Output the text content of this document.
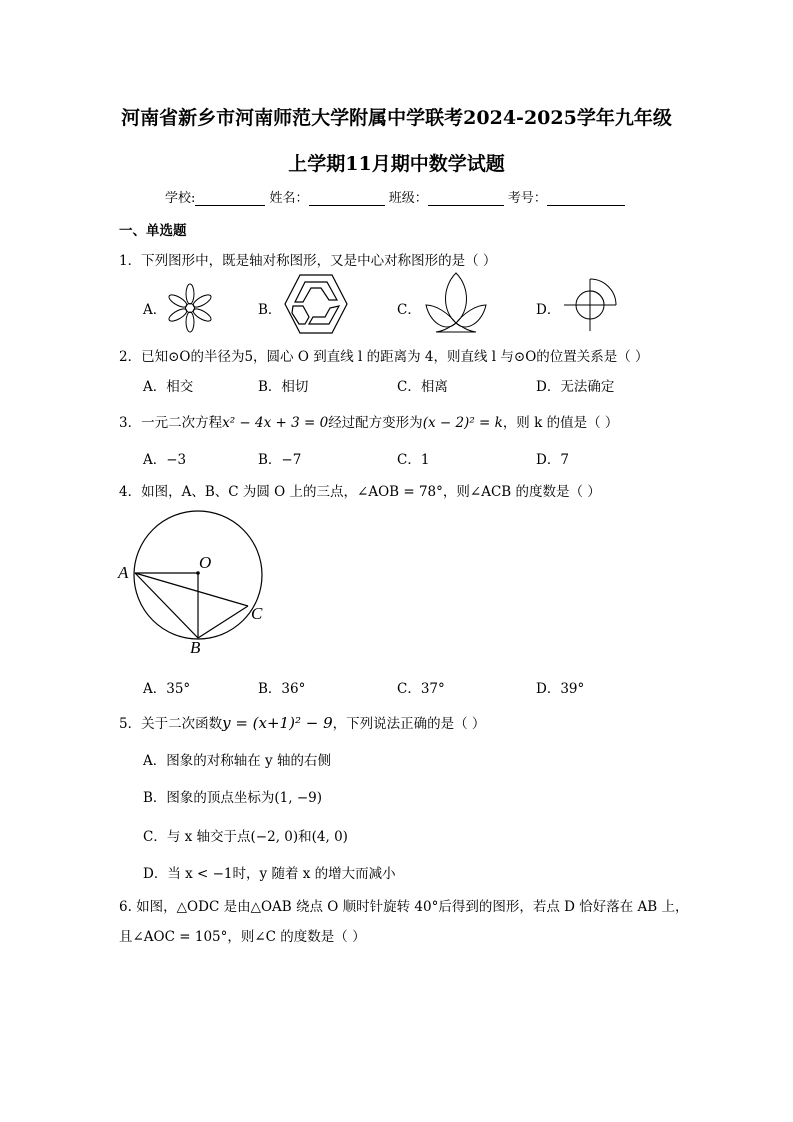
河南省新乡市河南师范大学附属中学联考2024-2025学年九年级
上学期11月期中数学试题
学校:	姓名：	班级：	考号：
一、单选题
1．下列图形中，既是轴对称图形，又是中心对称图形的是（ ）
A．	B．	C．	D．
2．已知⊙O的半径为5，圆心 O 到直线 l 的距离为 4，则直线 l 与⊙O的位置关系是（ ）
A．相交	B．相切	C．相离	D．无法确定
3．一元二次方程x² − 4x + 3 = 0经过配方变形为(x − 2)² = k，则 k 的值是（ ）
A．−3	B．−7	C．1	D．7
4．如图，A、B、C 为圆 O 上的三点，∠AOB = 78°，则∠ACB 的度数是（ ）
A
O
C
B
A．35°	B．36°	C．37°	D．39°
5．关于二次函数y = (x+1)² − 9，下列说法正确的是（ ）
A．图象的对称轴在 y 轴的右侧
B．图象的顶点坐标为(1, −9)
C．与 x 轴交于点(−2, 0)和(4, 0)
D．当 x < −1时，y 随着 x 的增大而减小
6. 如图，△ODC 是由△OAB 绕点 O 顺时针旋转 40°后得到的图形，若点 D 恰好落在 AB 上，
且∠AOC = 105°，则∠C 的度数是（ ）
